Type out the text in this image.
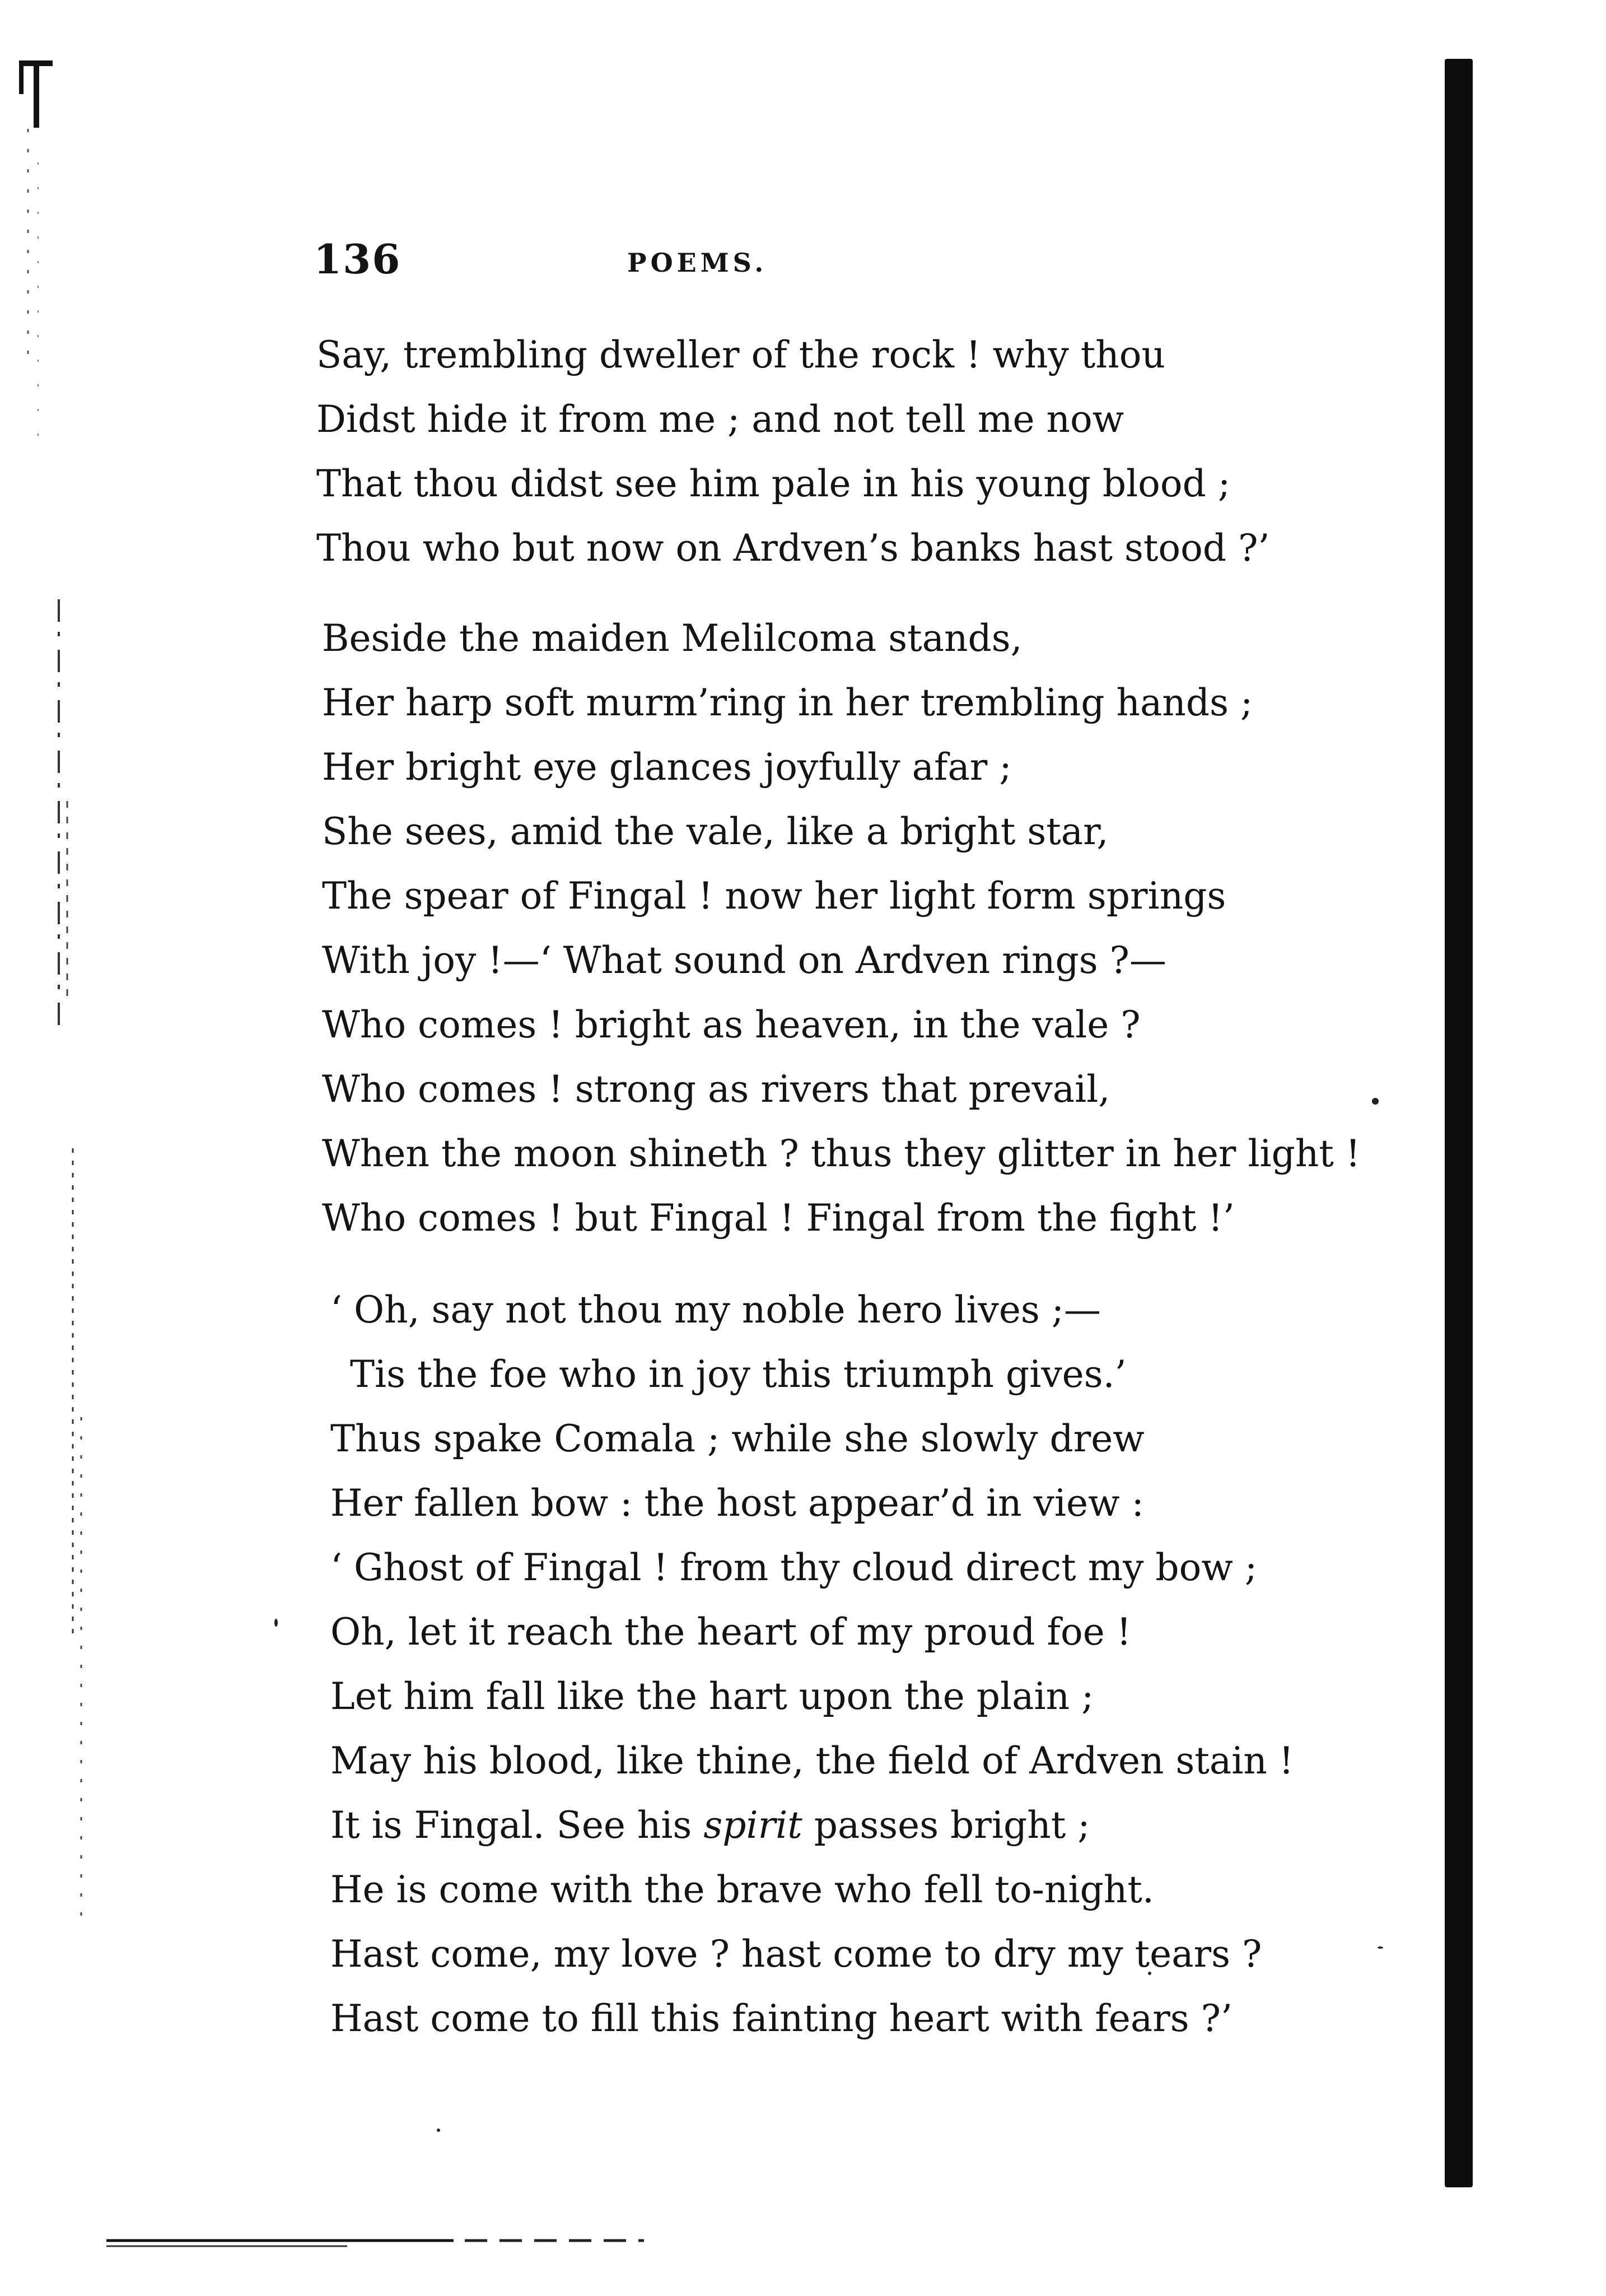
136	POEMS.
Say, trembling dweller of the rock ! why thou
Didst hide it from me ; and not tell me now
That thou didst see him pale in his young blood ;
Thou who but now on Ardven’s banks hast stood ?’
Beside the maiden Melilcoma stands,
Her harp soft murm’ring in her trembling hands ;
Her bright eye glances joyfully afar ;
She sees, amid the vale, like a bright star,
The spear of Fingal ! now her light form springs
With joy !—‘ What sound on Ardven rings ?—
Who comes ! bright as heaven, in the vale ?
Who comes ! strong as rivers that prevail,
When the moon shineth ? thus they glitter in her light !
Who comes ! but Fingal ! Fingal from the fight !’
‘ Oh, say not thou my noble hero lives ;—
Tis the foe who in joy this triumph gives.’
Thus spake Comala ; while she slowly drew
Her fallen bow : the host appear’d in view :
‘ Ghost of Fingal ! from thy cloud direct my bow ;
Oh, let it reach the heart of my proud foe !
Let him fall like the hart upon the plain ;
May his blood, like thine, the field of Ardven stain !
It is Fingal. See his spirit passes bright ;
He is come with the brave who fell to-night.
Hast come, my love ? hast come to dry my tears ?
Hast come to fill this fainting heart with fears ?’
